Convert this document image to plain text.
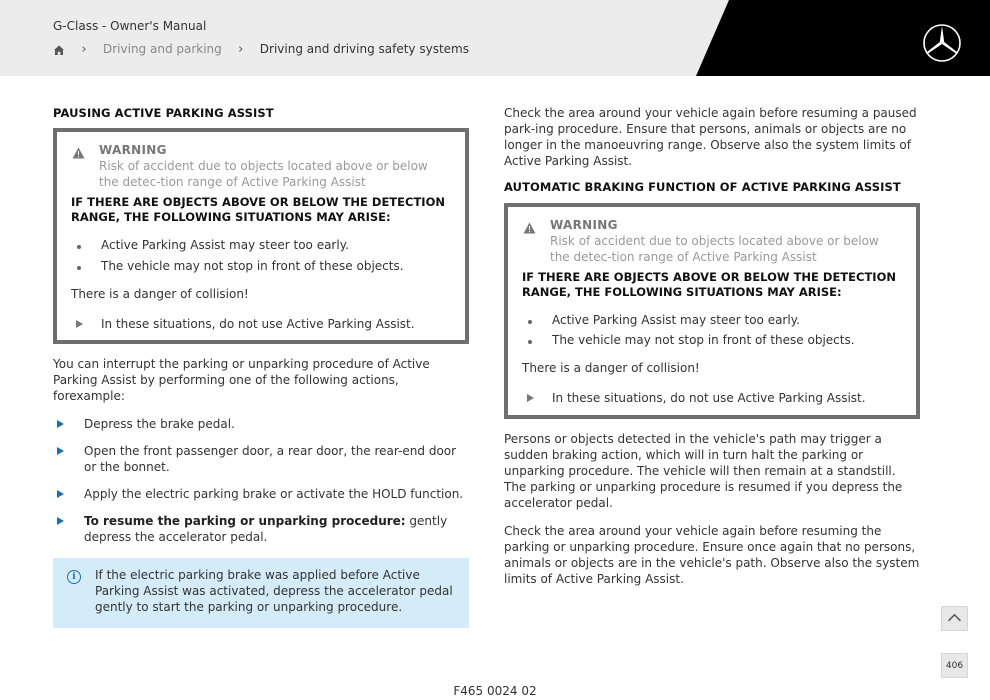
G-Class - Owner's Manual
› Driving and parking › Driving and driving safety systems
PAUSING ACTIVE PARKING ASSIST
WARNING
Risk of accident due to objects located above or below the detec-tion range of Active Parking Assist
IF THERE ARE OBJECTS ABOVE OR BELOW THE DETECTION RANGE, THE FOLLOWING SITUATIONS MAY ARISE:
Active Parking Assist may steer too early.
The vehicle may not stop in front of these objects.
There is a danger of collision!
In these situations, do not use Active Parking Assist.

You can interrupt the parking or unparking procedure of Active Parking Assist by performing one of the following actions, forexample:

Depress the brake pedal.
Open the front passenger door, a rear door, the rear-end door or the bonnet.
Apply the electric parking brake or activate the HOLD function.
To resume the parking or unparking procedure: gently depress the accelerator pedal.
i	If the electric parking brake was applied before Active Parking Assist was activated, depress the accelerator pedal gently to start the parking or unparking procedure.

Check the area around your vehicle again before resuming a paused park-ing procedure. Ensure that persons, animals or objects are no longer in the manoeuvring range. Observe also the system limits of Active Parking Assist.

AUTOMATIC BRAKING FUNCTION OF ACTIVE PARKING ASSIST
WARNING
Risk of accident due to objects located above or below the detec-tion range of Active Parking Assist
IF THERE ARE OBJECTS ABOVE OR BELOW THE DETECTION RANGE, THE FOLLOWING SITUATIONS MAY ARISE:
Active Parking Assist may steer too early.
The vehicle may not stop in front of these objects.
There is a danger of collision!
In these situations, do not use Active Parking Assist.

Persons or objects detected in the vehicle's path may trigger a sudden braking action, which will in turn halt the parking or unparking procedure. The vehicle will then remain at a standstill. The parking or unparking procedure is resumed if you depress the accelerator pedal.

Check the area around your vehicle again before resuming the parking or unparking procedure. Ensure once again that no persons, animals or objects are in the vehicle's path. Observe also the system limits of Active Parking Assist.

406
F465 0024 02
